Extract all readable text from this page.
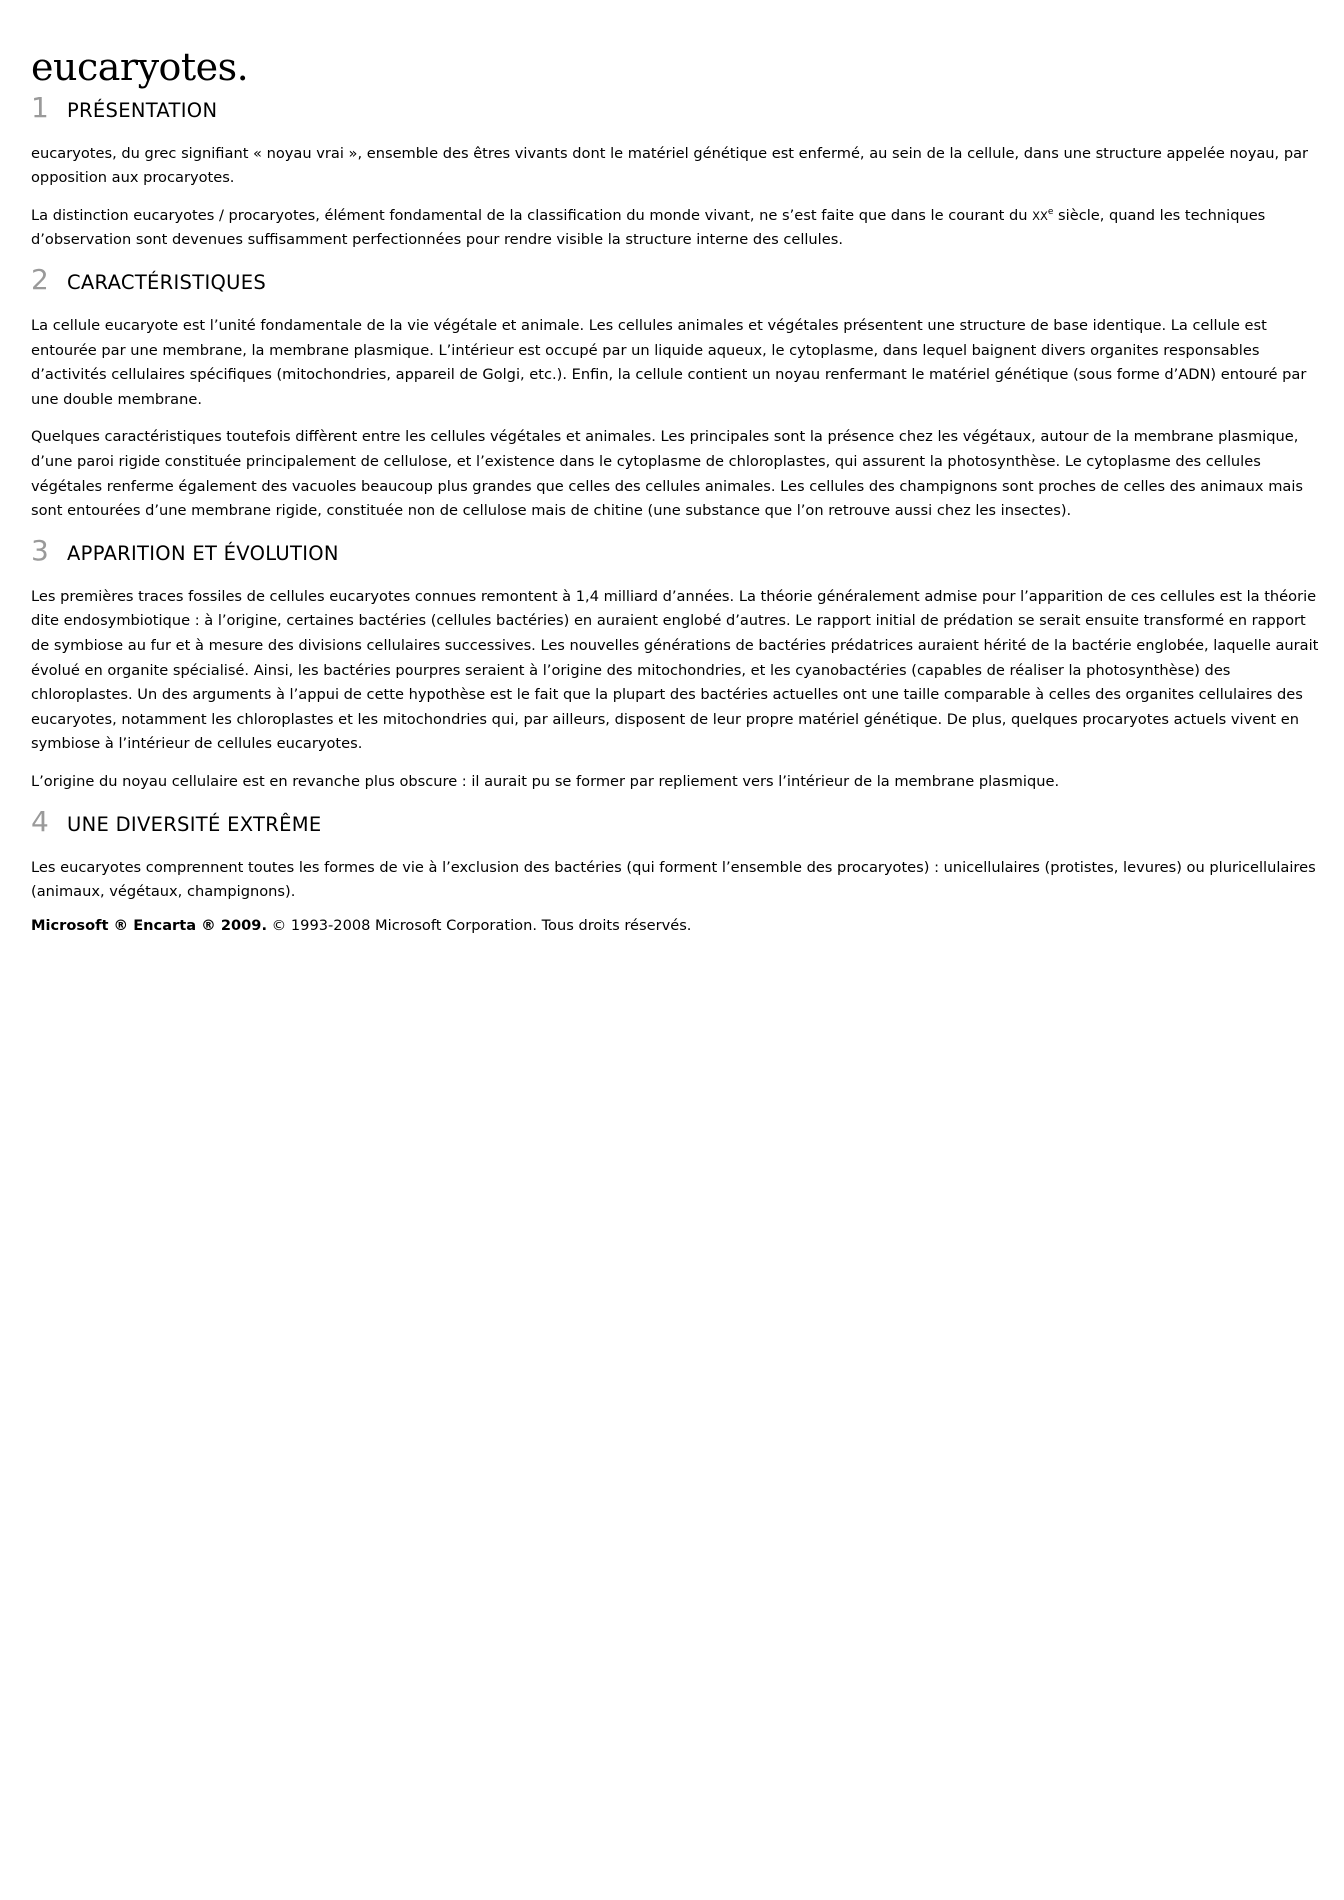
eucaryotes.
1 PRÉSENTATION

eucaryotes, du grec signifiant « noyau vrai », ensemble des êtres vivants dont le matériel génétique est enfermé, au sein de la cellule, dans une structure appelée noyau, par opposition aux procaryotes.

La distinction eucaryotes / procaryotes, élément fondamental de la classification du monde vivant, ne s’est faite que dans le courant du XXe siècle, quand les techniques d’observation sont devenues suffisamment perfectionnées pour rendre visible la structure interne des cellules.

2 CARACTÉRISTIQUES

La cellule eucaryote est l’unité fondamentale de la vie végétale et animale. Les cellules animales et végétales présentent une structure de base identique. La cellule est entourée par une membrane, la membrane plasmique. L’intérieur est occupé par un liquide aqueux, le cytoplasme, dans lequel baignent divers organites responsables d’activités cellulaires spécifiques (mitochondries, appareil de Golgi, etc.). Enfin, la cellule contient un noyau renfermant le matériel génétique (sous forme d’ADN) entouré par une double membrane.

Quelques caractéristiques toutefois diffèrent entre les cellules végétales et animales. Les principales sont la présence chez les végétaux, autour de la membrane plasmique, d’une paroi rigide constituée principalement de cellulose, et l’existence dans le cytoplasme de chloroplastes, qui assurent la photosynthèse. Le cytoplasme des cellules végétales renferme également des vacuoles beaucoup plus grandes que celles des cellules animales. Les cellules des champignons sont proches de celles des animaux mais sont entourées d’une membrane rigide, constituée non de cellulose mais de chitine (une substance que l’on retrouve aussi chez les insectes).

3 APPARITION ET ÉVOLUTION

Les premières traces fossiles de cellules eucaryotes connues remontent à 1,4 milliard d’années. La théorie généralement admise pour l’apparition de ces cellules est la théorie dite endosymbiotique : à l’origine, certaines bactéries (cellules bactéries) en auraient englobé d’autres. Le rapport initial de prédation se serait ensuite transformé en rapport de symbiose au fur et à mesure des divisions cellulaires successives. Les nouvelles générations de bactéries prédatrices auraient hérité de la bactérie englobée, laquelle aurait évolué en organite spécialisé. Ainsi, les bactéries pourpres seraient à l’origine des mitochondries, et les cyanobactéries (capables de réaliser la photosynthèse) des chloroplastes. Un des arguments à l’appui de cette hypothèse est le fait que la plupart des bactéries actuelles ont une taille comparable à celles des organites cellulaires des eucaryotes, notamment les chloroplastes et les mitochondries qui, par ailleurs, disposent de leur propre matériel génétique. De plus, quelques procaryotes actuels vivent en symbiose à l’intérieur de cellules eucaryotes.

L’origine du noyau cellulaire est en revanche plus obscure : il aurait pu se former par repliement vers l’intérieur de la membrane plasmique.

4 UNE DIVERSITÉ EXTRÊME

Les eucaryotes comprennent toutes les formes de vie à l’exclusion des bactéries (qui forment l’ensemble des procaryotes) : unicellulaires (protistes, levures) ou pluricellulaires (animaux, végétaux, champignons).

Microsoft ® Encarta ® 2009. © 1993-2008 Microsoft Corporation. Tous droits réservés.
